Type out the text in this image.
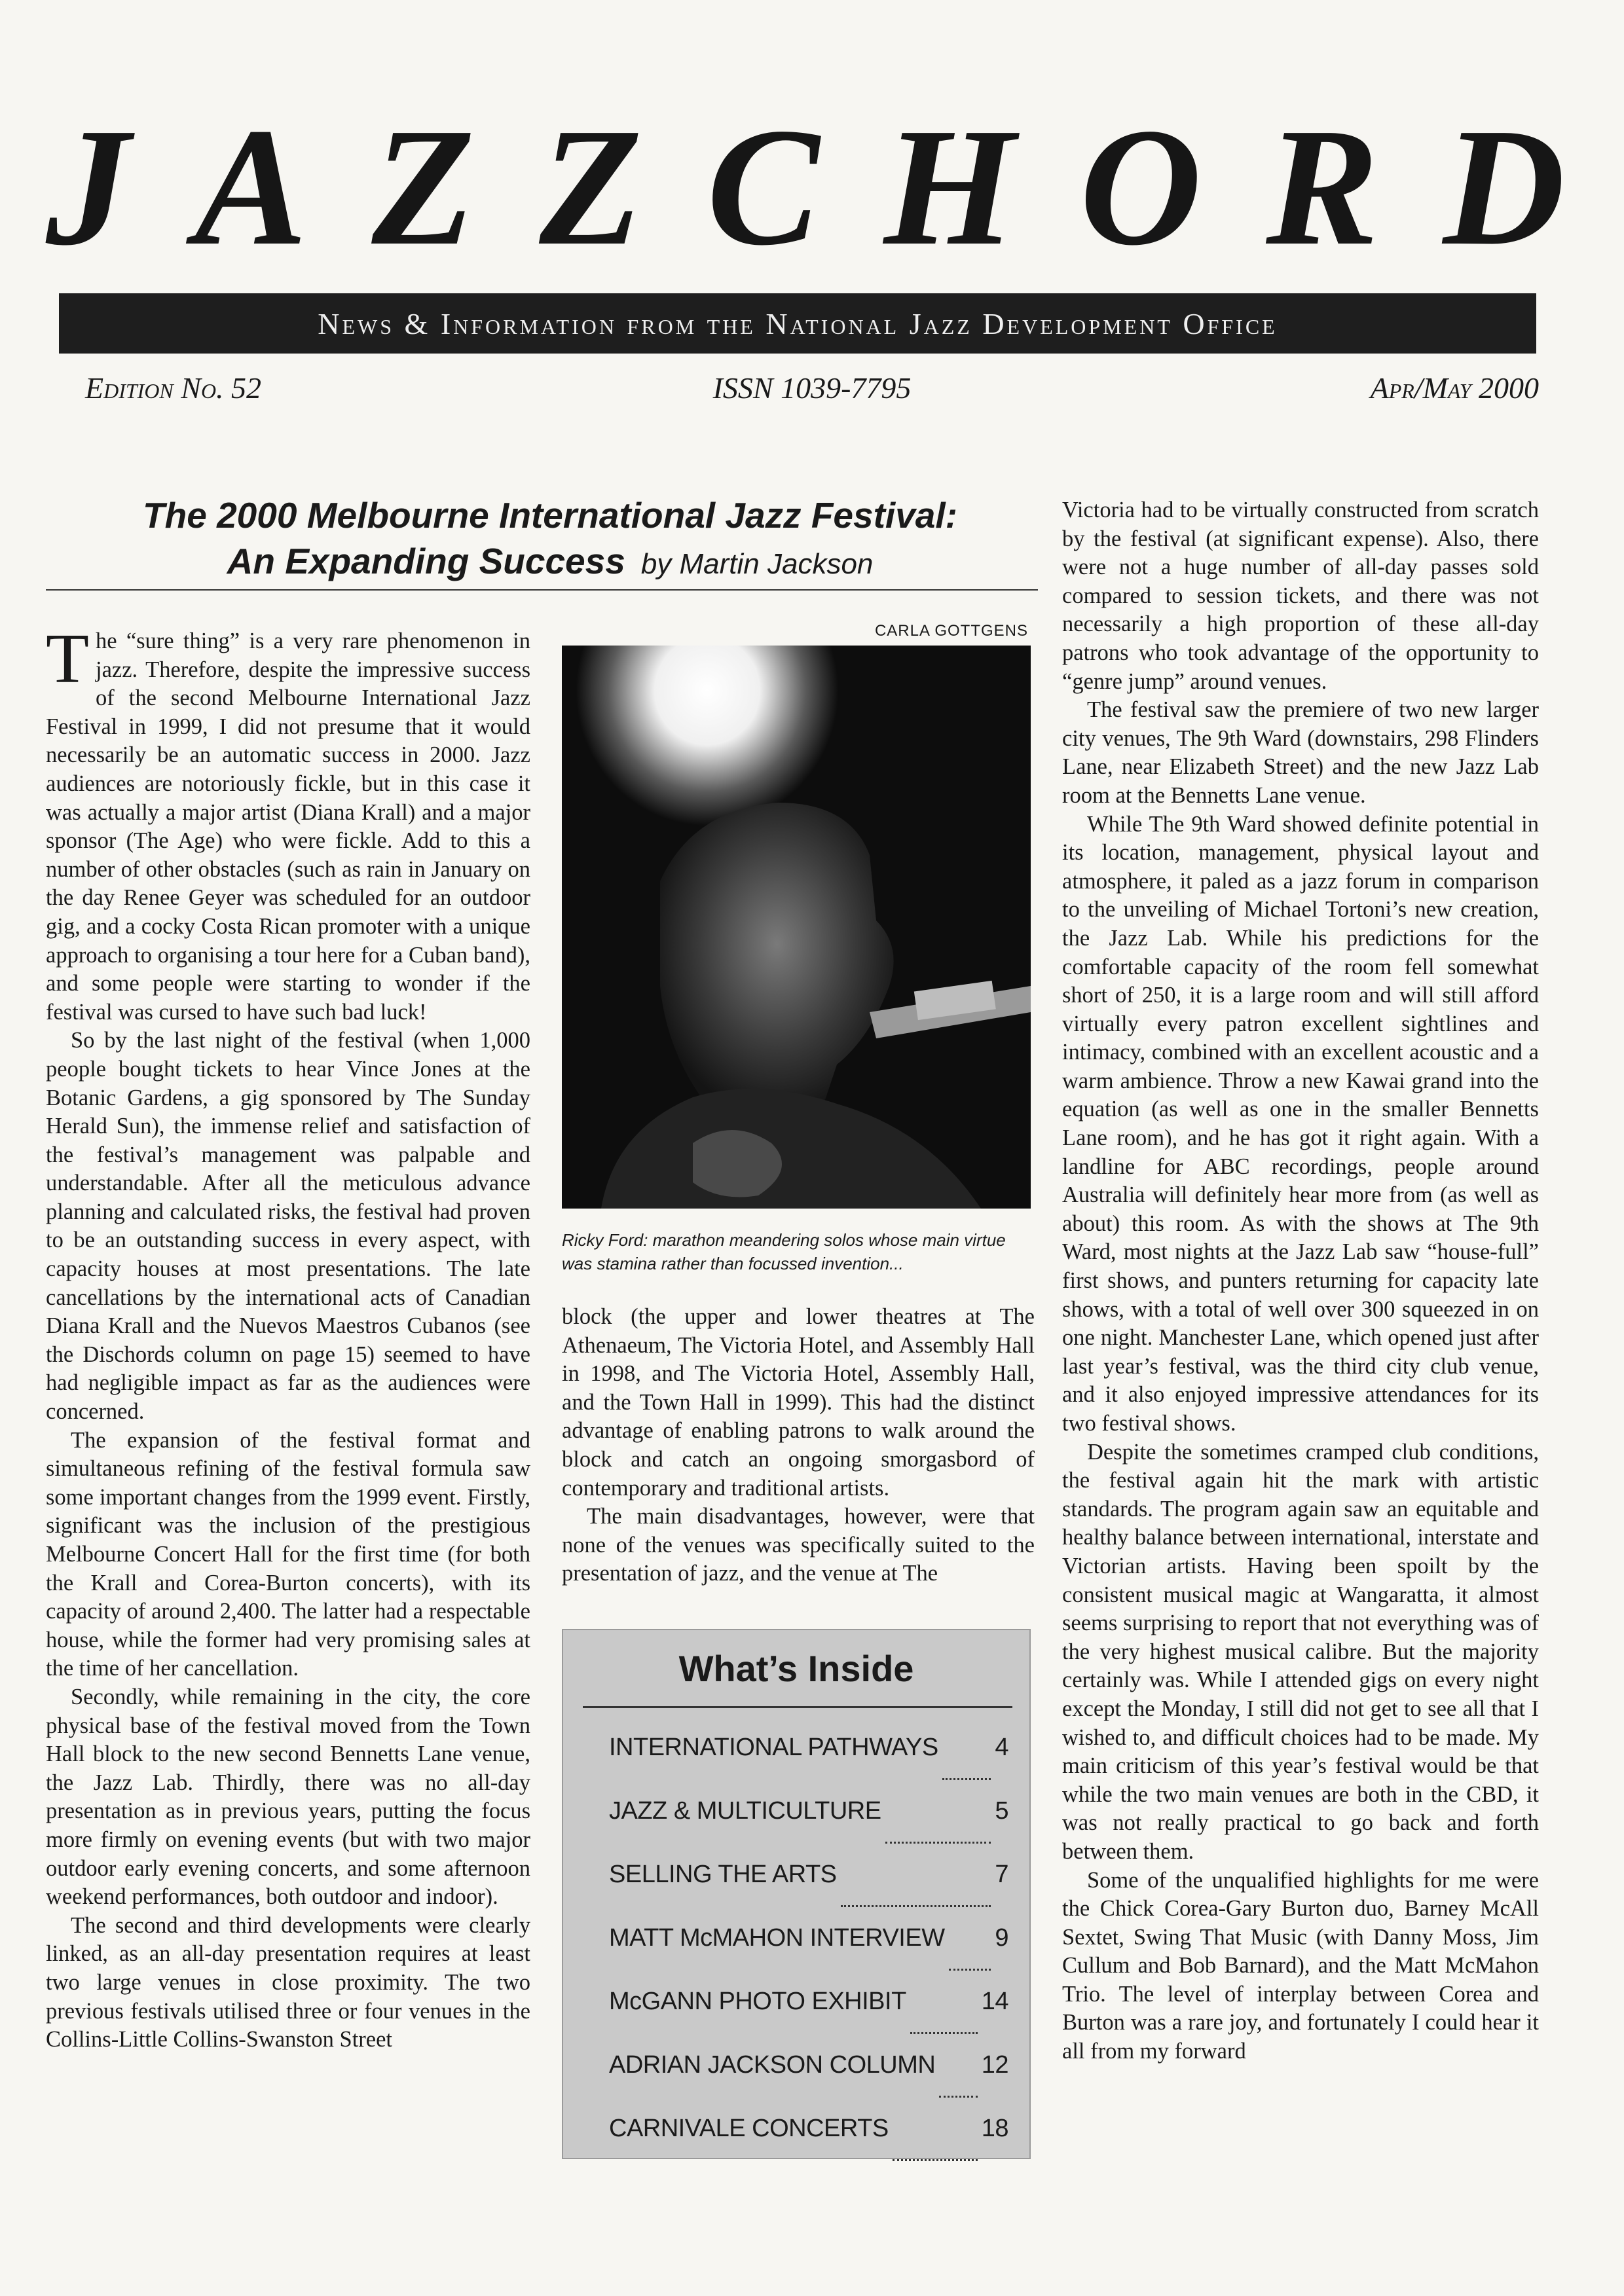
J A Z Z C H O R D
News & Information from the National Jazz Development Office
Edition No. 52	ISSN 1039-7795	Apr/May 2000
The 2000 Melbourne International Jazz Festival:
An Expanding Success by Martin Jackson

The “sure thing” is a very rare phenomenon in jazz. Therefore, despite the impressive success of the second Melbourne International Jazz Festival in 1999, I did not presume that it would necessarily be an automatic success in 2000. Jazz audiences are notoriously fickle, but in this case it was actually a major artist (Diana Krall) and a major sponsor (The Age) who were fickle. Add to this a number of other obstacles (such as rain in January on the day Renee Geyer was scheduled for an outdoor gig, and a cocky Costa Rican promoter with a unique approach to organising a tour here for a Cuban band), and some people were starting to wonder if the festival was cursed to have such bad luck!

So by the last night of the festival (when 1,000 people bought tickets to hear Vince Jones at the Botanic Gardens, a gig sponsored by The Sunday Herald Sun), the immense relief and satisfaction of the festival’s management was palpable and understandable. After all the meticulous advance planning and calculated risks, the festival had proven to be an outstanding success in every aspect, with capacity houses at most presentations. The late cancellations by the international acts of Canadian Diana Krall and the Nuevos Maestros Cubanos (see the Dischords column on page 15) seemed to have had negligible impact as far as the audiences were concerned.

The expansion of the festival format and simultaneous refining of the festival formula saw some important changes from the 1999 event. Firstly, significant was the inclusion of the prestigious Melbourne Concert Hall for the first time (for both the Krall and Corea-Burton concerts), with its capacity of around 2,400. The latter had a respectable house, while the former had very promising sales at the time of her cancellation.

Secondly, while remaining in the city, the core physical base of the festival moved from the Town Hall block to the new second Bennetts Lane venue, the Jazz Lab. Thirdly, there was no all-day presentation as in previous years, putting the focus more firmly on evening events (but with two major outdoor early evening concerts, and some afternoon weekend performances, both outdoor and indoor).

The second and third developments were clearly linked, as an all-day presentation requires at least two large venues in close proximity. The two previous festivals utilised three or four venues in the Collins-Little Collins-Swanston Street

CARLA GOTTGENS
Ricky Ford: marathon meandering solos whose main virtue was stamina rather than focussed invention...

block (the upper and lower theatres at The Athenaeum, The Victoria Hotel, and Assembly Hall in 1998, and The Victoria Hotel, Assembly Hall, and the Town Hall in 1999). This had the distinct advantage of enabling patrons to walk around the block and catch an ongoing smorgasbord of contemporary and traditional artists.

The main disadvantages, however, were that none of the venues was specifically suited to the presentation of jazz, and the venue at The

What’s Inside
INTERNATIONAL PATHWAYS 4
JAZZ & MULTICULTURE	5
SELLING THE ARTS	7
MATT McMAHON INTERVIEW 9
McGANN PHOTO EXHIBIT	14
ADRIAN JACKSON COLUMN 12
CARNIVALE CONCERTS	18

Victoria had to be virtually constructed from scratch by the festival (at significant expense). Also, there were not a huge number of all-day passes sold compared to session tickets, and there was not necessarily a high proportion of these all-day patrons who took advantage of the opportunity to “genre jump” around venues.

The festival saw the premiere of two new larger city venues, The 9th Ward (downstairs, 298 Flinders Lane, near Elizabeth Street) and the new Jazz Lab room at the Bennetts Lane venue.

While The 9th Ward showed definite potential in its location, management, physical layout and atmosphere, it paled as a jazz forum in comparison to the unveiling of Michael Tortoni’s new creation, the Jazz Lab. While his predictions for the comfortable capacity of the room fell somewhat short of 250, it is a large room and will still afford virtually every patron excellent sightlines and intimacy, combined with an excellent acoustic and a warm ambience. Throw a new Kawai grand into the equation (as well as one in the smaller Bennetts Lane room), and he has got it right again. With a landline for ABC recordings, people around Australia will definitely hear more from (as well as about) this room. As with the shows at The 9th Ward, most nights at the Jazz Lab saw “house-full” first shows, and punters returning for capacity late shows, with a total of well over 300 squeezed in on one night. Manchester Lane, which opened just after last year’s festival, was the third city club venue, and it also enjoyed impressive attendances for its two festival shows.

Despite the sometimes cramped club conditions, the festival again hit the mark with artistic standards. The program again saw an equitable and healthy balance between international, interstate and Victorian artists. Having been spoilt by the consistent musical magic at Wangaratta, it almost seems surprising to report that not everything was of the very highest musical calibre. But the majority certainly was. While I attended gigs on every night except the Monday, I still did not get to see all that I wished to, and difficult choices had to be made. My main criticism of this year’s festival would be that while the two main venues are both in the CBD, it was not really practical to go back and forth between them.

Some of the unqualified highlights for me were the Chick Corea-Gary Burton duo, Barney McAll Sextet, Swing That Music (with Danny Moss, Jim Cullum and Bob Barnard), and the Matt McMahon Trio. The level of interplay between Corea and Burton was a rare joy, and fortunately I could hear it all from my forward
